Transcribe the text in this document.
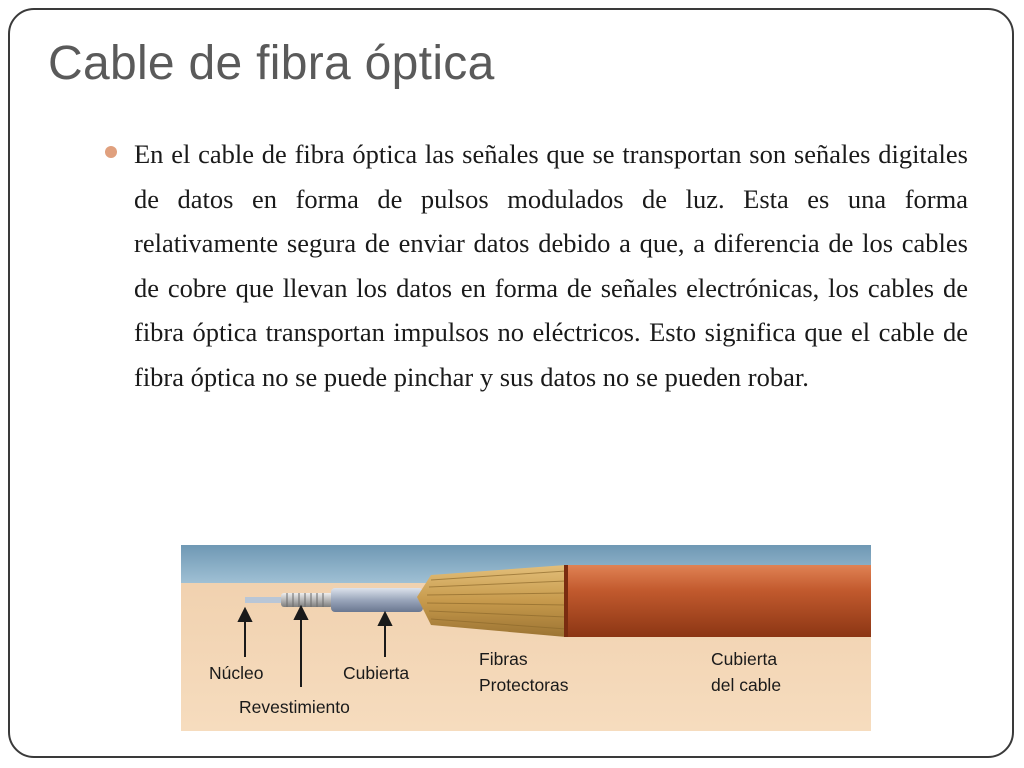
Cable de fibra óptica

En el cable de fibra óptica las señales que se transportan son señales digitales de datos en forma de pulsos modulados de luz. Esta es una forma relativamente segura de enviar datos debido a que, a diferencia de los cables de cobre que llevan los datos en forma de señales electrónicas, los cables de fibra óptica transportan impulsos no eléctricos. Esto significa que el cable de fibra óptica no se puede pinchar y sus datos no se pueden robar.

Núcleo
Revestimiento
Cubierta
Fibras
Protectoras
Cubierta
del cable
